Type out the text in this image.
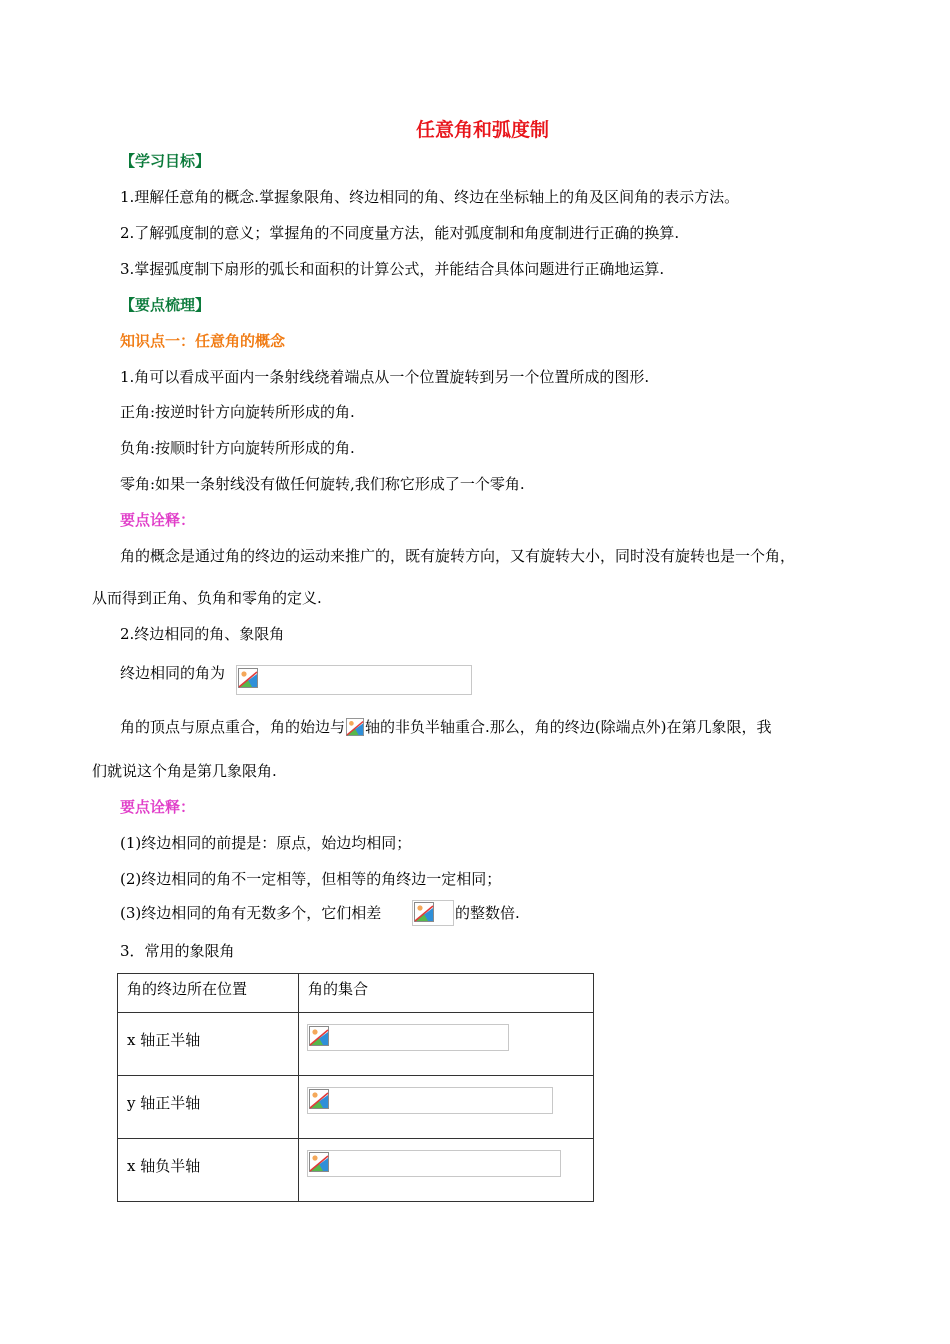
任意角和弧度制
【学习目标】
1.理解任意角的概念.掌握象限角、终边相同的角、终边在坐标轴上的角及区间角的表示方法。
2.了解弧度制的意义；掌握角的不同度量方法，能对弧度制和角度制进行正确的换算.
3.掌握弧度制下扇形的弧长和面积的计算公式，并能结合具体问题进行正确地运算.
【要点梳理】
知识点一：任意角的概念
1.角可以看成平面内一条射线绕着端点从一个位置旋转到另一个位置所成的图形.
正角:按逆时针方向旋转所形成的角.
负角:按顺时针方向旋转所形成的角.
零角:如果一条射线没有做任何旋转,我们称它形成了一个零角.
要点诠释：
角的概念是通过角的终边的运动来推广的，既有旋转方向，又有旋转大小，同时没有旋转也是一个角，
从而得到正角、负角和零角的定义.
2.终边相同的角、象限角
终边相同的角为
角的顶点与原点重合，角的始边与 轴的非负半轴重合.那么，角的终边(除端点外)在第几象限，我
们就说这个角是第几象限角.
要点诠释：
(1)终边相同的前提是：原点，始边均相同；
(2)终边相同的角不一定相等，但相等的角终边一定相同；
(3)终边相同的角有无数多个，它们相差	的整数倍.
3．常用的象限角
角的终边所在位置	角的集合

x 轴正半轴

y 轴正半轴

x 轴负半轴
